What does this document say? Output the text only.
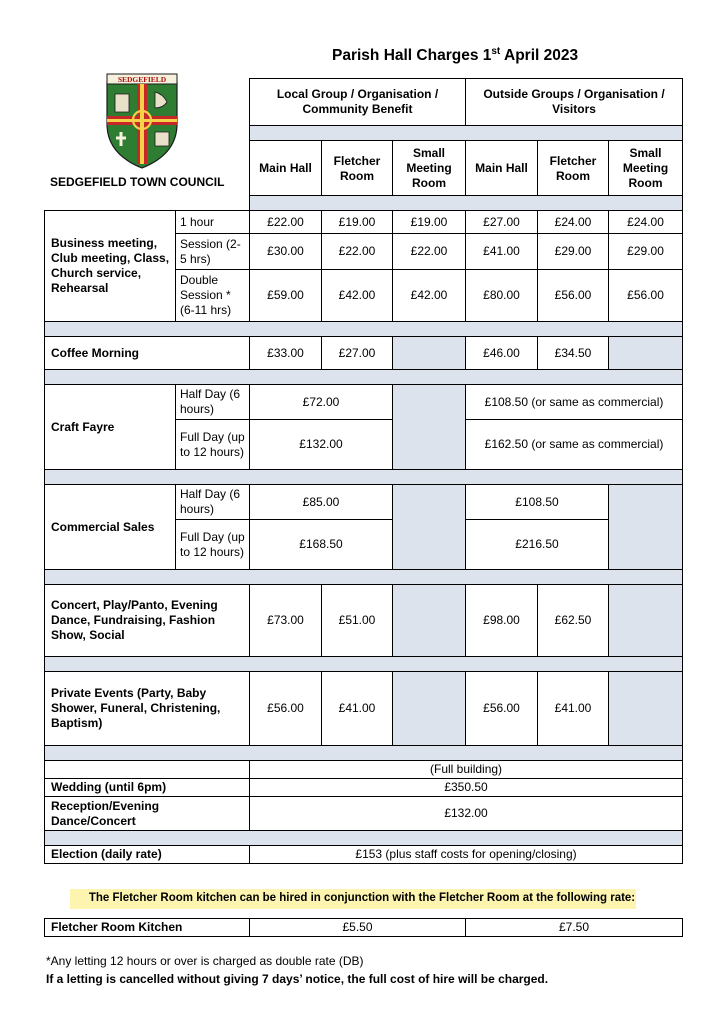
Parish Hall Charges 1st April 2023
SEDGEFIELD
SEDGEFIELD TOWN COUNCIL
Local Group / Organisation / Community Benefit			Outside Groups / Organisation / Visitors		

Main Hall	Fletcher Room	Small Meeting Room	Main Hall	Fletcher Room	Small Meeting Room

Business meeting, Club meeting, Class, Church service, Rehearsal	1 hour	£22.00	£19.00	£19.00	£27.00	£24.00	£24.00
	Session (2-5 hrs)	£30.00	£22.00	£22.00	£41.00	£29.00	£29.00
	Double Session * (6-11 hrs)	£59.00	£42.00	£42.00	£80.00	£56.00	£56.00

Coffee Morning		£33.00	£27.00		£46.00	£34.50	

Craft Fayre	Half Day (6 hours)	£72.00			£108.50 (or same as commercial)		
	Full Day (up to 12 hours)	£132.00			£162.50 (or same as commercial)		

Commercial Sales	Half Day (6 hours)	£85.00			£108.50		
	Full Day (up to 12 hours)	£168.50			£216.50		

Concert, Play/Panto, Evening Dance, Fundraising, Fashion Show, Social		£73.00	£51.00		£98.00	£62.50	

Private Events (Party, Baby Shower, Funeral, Christening, Baptism)		£56.00	£41.00		£56.00	£41.00	

		(Full building)					
Wedding (until 6pm)		£350.50					
Reception/Evening Dance/Concert		£132.00					

Election (daily rate)		£153 (plus staff costs for opening/closing)					
The Fletcher Room kitchen can be hired in conjunction with the Fletcher Room at the following rate:
Fletcher Room Kitchen	£5.50	£7.50
*Any letting 12 hours or over is charged as double rate (DB)
If a letting is cancelled without giving 7 days’ notice, the full cost of hire will be charged.
